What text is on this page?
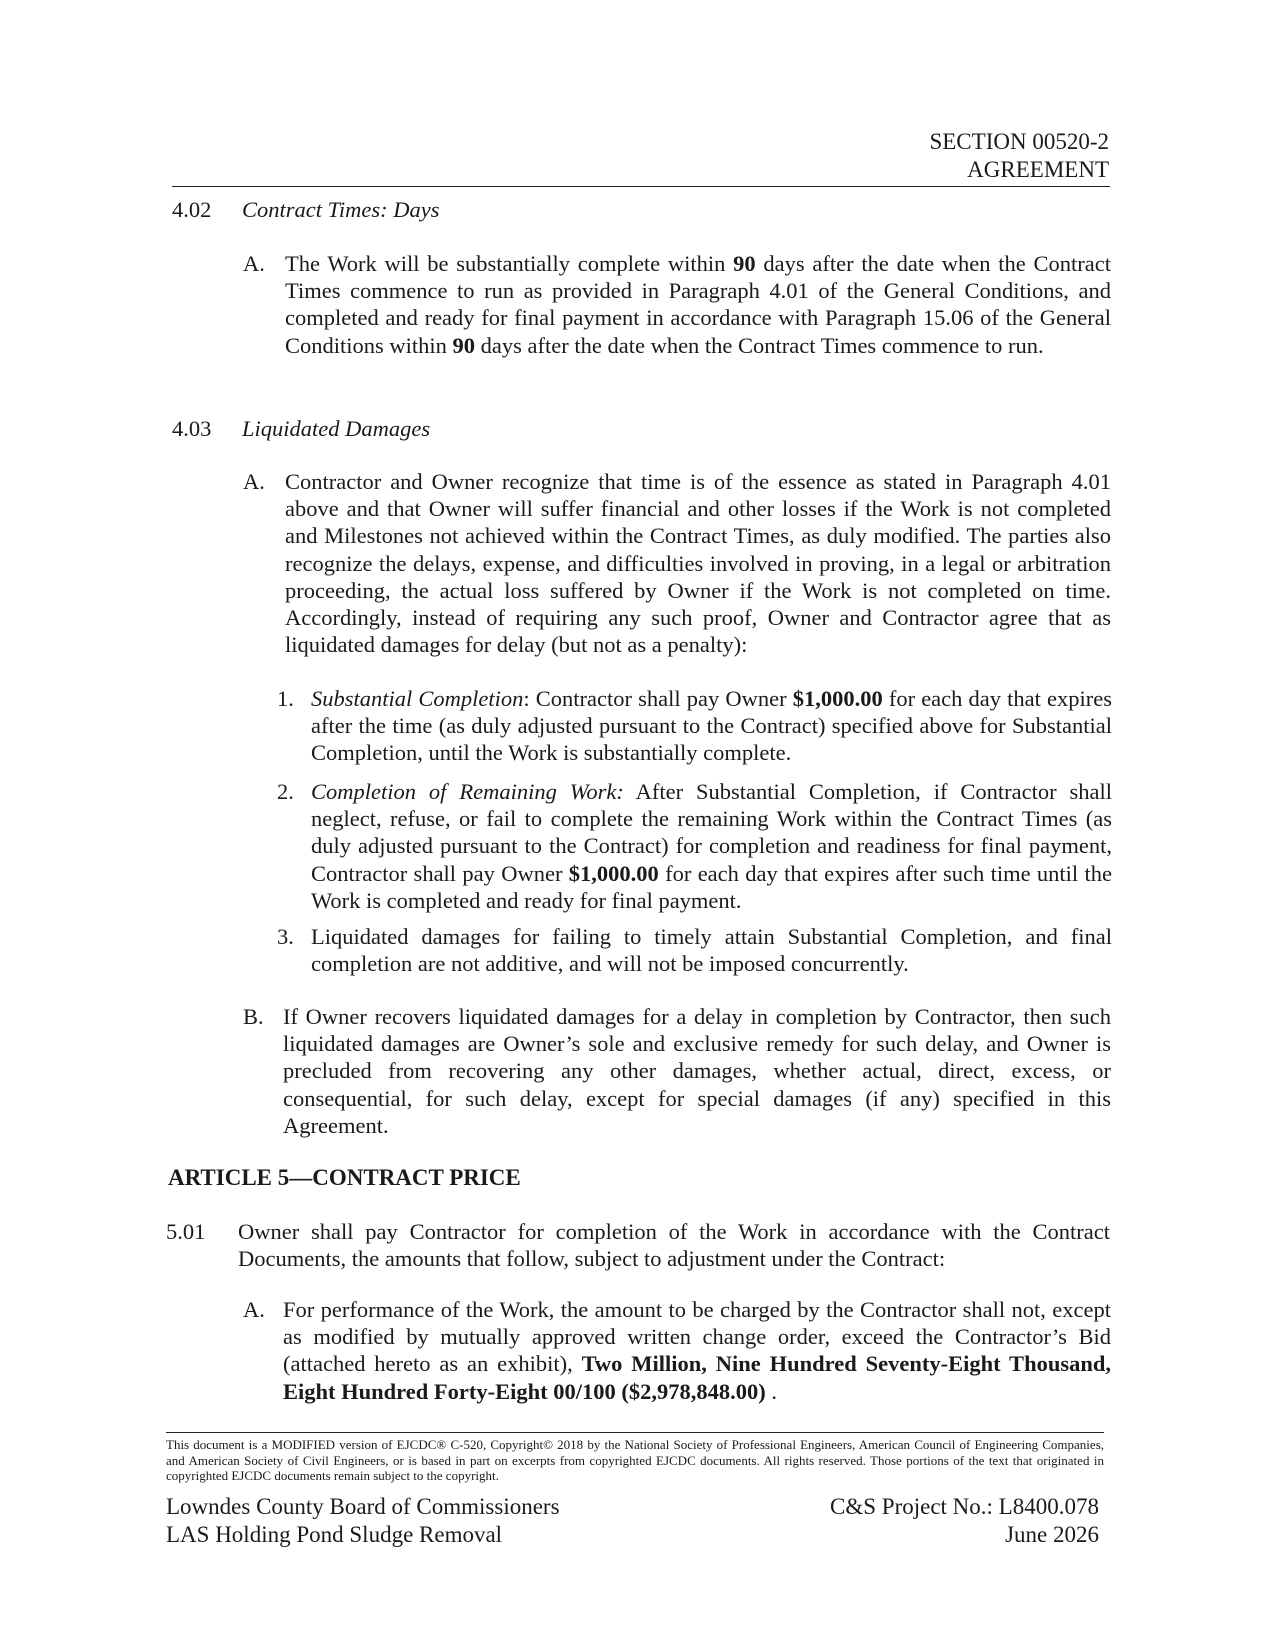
SECTION 00520-2
AGREEMENT
4.02 Contract Times: Days
A. The Work will be substantially complete within 90 days after the date when the Contract Times commence to run as provided in Paragraph 4.01 of the General Conditions, and completed and ready for final payment in accordance with Paragraph 15.06 of the General Conditions within 90 days after the date when the Contract Times commence to run.
4.03 Liquidated Damages
A. Contractor and Owner recognize that time is of the essence as stated in Paragraph 4.01 above and that Owner will suffer financial and other losses if the Work is not completed and Milestones not achieved within the Contract Times, as duly modified. The parties also recognize the delays, expense, and difficulties involved in proving, in a legal or arbitration proceeding, the actual loss suffered by Owner if the Work is not completed on time. Accordingly, instead of requiring any such proof, Owner and Contractor agree that as liquidated damages for delay (but not as a penalty):
1. Substantial Completion: Contractor shall pay Owner $1,000.00 for each day that expires after the time (as duly adjusted pursuant to the Contract) specified above for Substantial Completion, until the Work is substantially complete.
2. Completion of Remaining Work: After Substantial Completion, if Contractor shall neglect, refuse, or fail to complete the remaining Work within the Contract Times (as duly adjusted pursuant to the Contract) for completion and readiness for final payment, Contractor shall pay Owner $1,000.00 for each day that expires after such time until the Work is completed and ready for final payment.
3. Liquidated damages for failing to timely attain Substantial Completion, and final completion are not additive, and will not be imposed concurrently.
B. If Owner recovers liquidated damages for a delay in completion by Contractor, then such liquidated damages are Owner’s sole and exclusive remedy for such delay, and Owner is precluded from recovering any other damages, whether actual, direct, excess, or consequential, for such delay, except for special damages (if any) specified in this Agreement.
ARTICLE 5—CONTRACT PRICE
5.01 Owner shall pay Contractor for completion of the Work in accordance with the Contract Documents, the amounts that follow, subject to adjustment under the Contract:
A. For performance of the Work, the amount to be charged by the Contractor shall not, except as modified by mutually approved written change order, exceed the Contractor’s Bid (attached hereto as an exhibit), Two Million, Nine Hundred Seventy-Eight Thousand, Eight Hundred Forty-Eight 00/100 ($2,978,848.00) .
This document is a MODIFIED version of EJCDC® C-520, Copyright© 2018 by the National Society of Professional Engineers, American Council of Engineering Companies, and American Society of Civil Engineers, or is based in part on excerpts from copyrighted EJCDC documents. All rights reserved. Those portions of the text that originated in copyrighted EJCDC documents remain subject to the copyright.
Lowndes County Board of Commissioners
LAS Holding Pond Sludge Removal
C&S Project No.: L8400.078
June 2026
